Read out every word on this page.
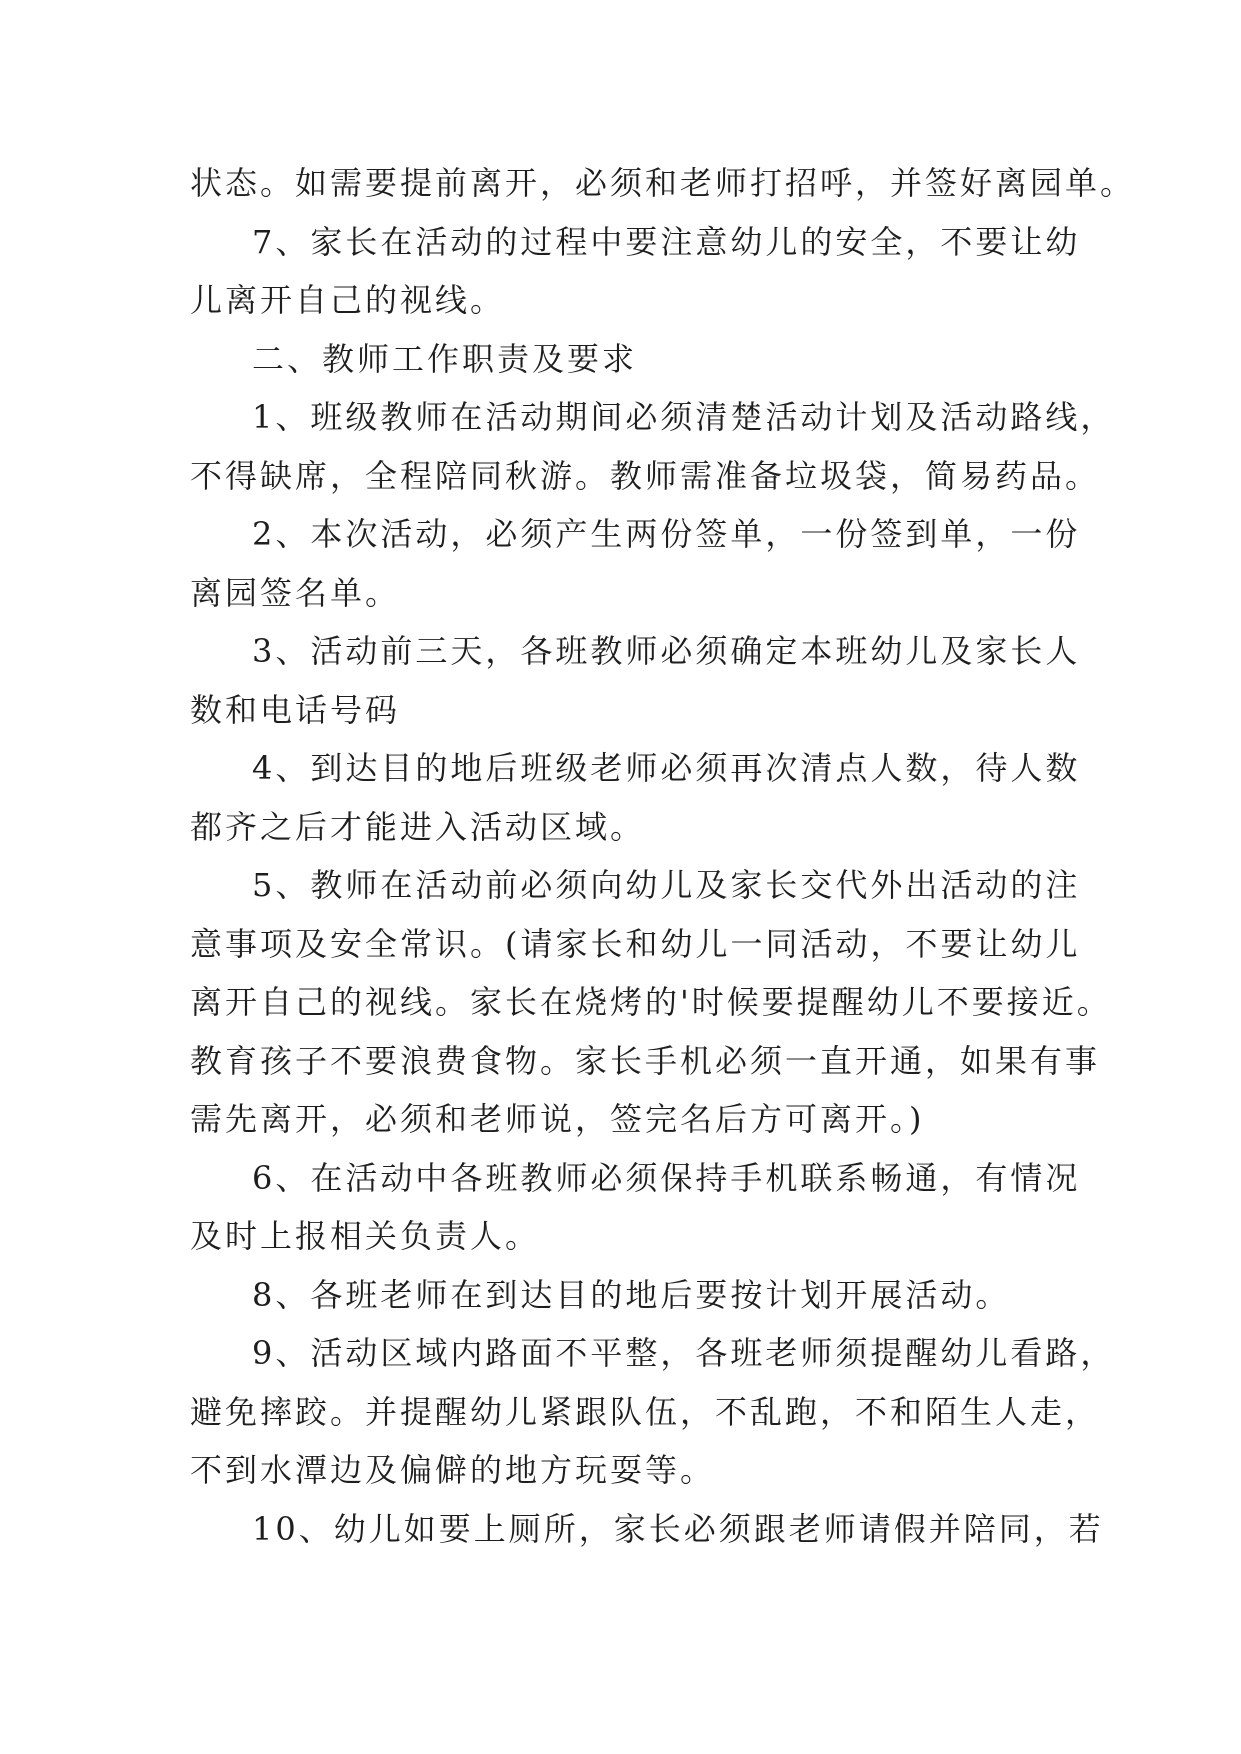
状态。如需要提前离开，必须和老师打招呼，并签好离园单。
7、家长在活动的过程中要注意幼儿的安全，不要让幼
儿离开自己的视线。
二、教师工作职责及要求
1、班级教师在活动期间必须清楚活动计划及活动路线，
不得缺席，全程陪同秋游。教师需准备垃圾袋，简易药品。
2、本次活动，必须产生两份签单，一份签到单，一份
离园签名单。
3、活动前三天，各班教师必须确定本班幼儿及家长人
数和电话号码
4、到达目的地后班级老师必须再次清点人数，待人数
都齐之后才能进入活动区域。
5、教师在活动前必须向幼儿及家长交代外出活动的注
意事项及安全常识。(请家长和幼儿一同活动，不要让幼儿
离开自己的视线。家长在烧烤的'时候要提醒幼儿不要接近。
教育孩子不要浪费食物。家长手机必须一直开通，如果有事
需先离开，必须和老师说，签完名后方可离开。)
6、在活动中各班教师必须保持手机联系畅通，有情况
及时上报相关负责人。
8、各班老师在到达目的地后要按计划开展活动。
9、活动区域内路面不平整，各班老师须提醒幼儿看路，
避免摔跤。并提醒幼儿紧跟队伍，不乱跑，不和陌生人走，
不到水潭边及偏僻的地方玩耍等。
10、幼儿如要上厕所，家长必须跟老师请假并陪同，若
